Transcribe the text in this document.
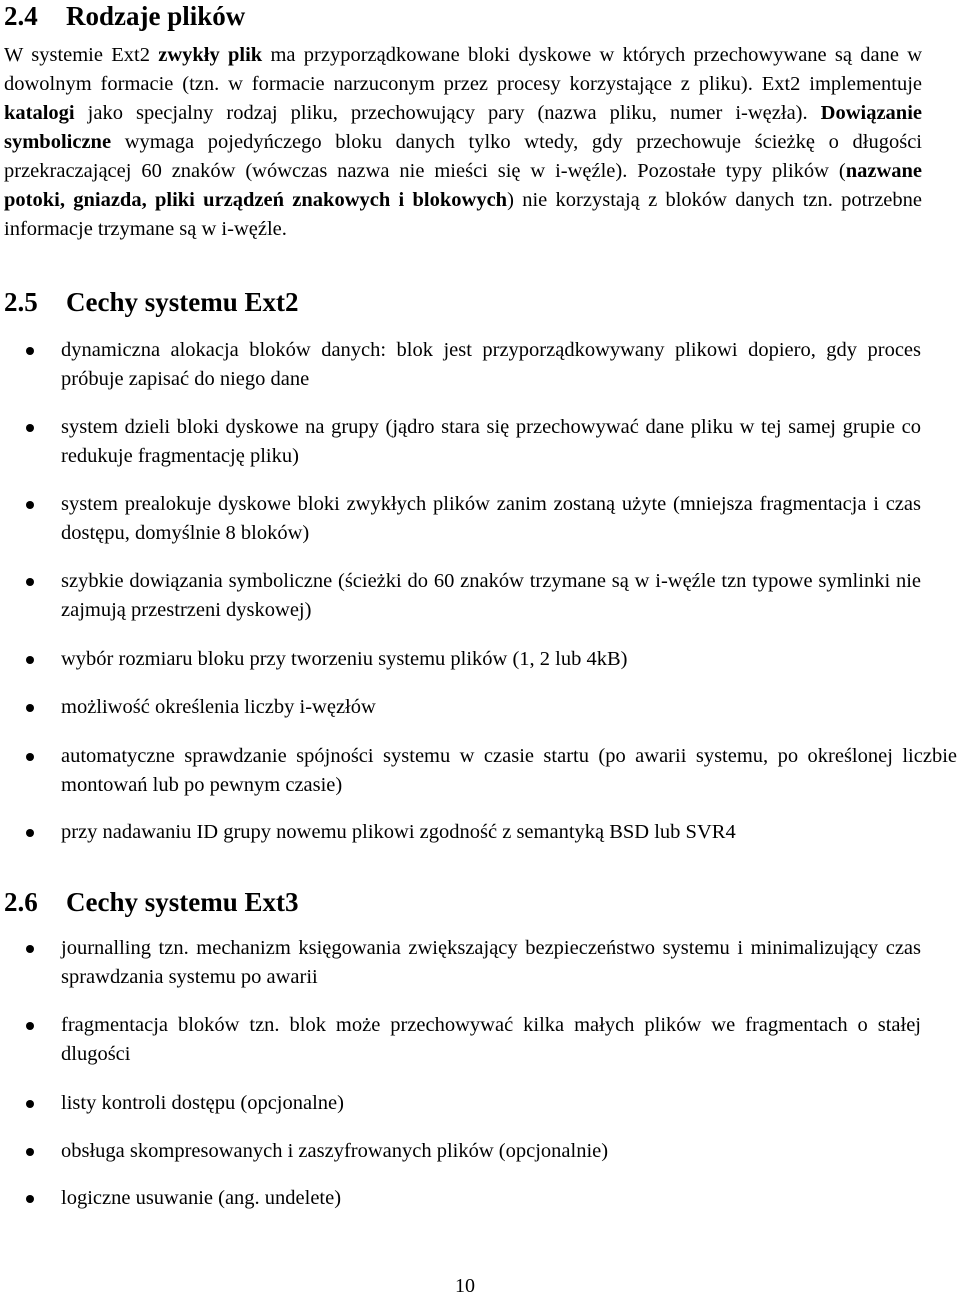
2.4 Rodzaje plików

W systemie Ext2 zwykły plik ma przyporządkowane bloki dyskowe w których przechowywane są dane w dowolnym formacie (tzn. w formacie narzuconym przez procesy korzystające z pliku). Ext2 implementuje katalogi jako specjalny rodzaj pliku, przechowujący pary (nazwa pliku, numer i-węzła). Dowiązanie symboliczne wymaga pojedyńczego bloku danych tylko wtedy, gdy przechowuje ścieżkę o długości przekraczającej 60 znaków (wówczas nazwa nie mieści się w i-węźle). Pozostałe typy plików (nazwane potoki, gniazda, pliki urządzeń znakowych i blokowych) nie korzystają z bloków danych tzn. potrzebne informacje trzymane są w i-węźle.

2.5 Cechy systemu Ext2
dynamiczna alokacja bloków danych: blok jest przyporządkowywany plikowi dopiero, gdy proces próbuje zapisać do niego dane
system dzieli bloki dyskowe na grupy (jądro stara się przechowywać dane pliku w tej samej grupie co redukuje fragmentację pliku)
system prealokuje dyskowe bloki zwykłych plików zanim zostaną użyte (mniejsza fragmentacja i czas dostępu, domyślnie 8 bloków)
szybkie dowiązania symboliczne (ścieżki do 60 znaków trzymane są w i-węźle tzn typowe symlinki nie zajmują przestrzeni dyskowej)
wybór rozmiaru bloku przy tworzeniu systemu plików (1, 2 lub 4kB)
możliwość określenia liczby i-węzłów
automatyczne sprawdzanie spójności systemu w czasie startu (po awarii systemu, po określonej liczbie montowań lub po pewnym czasie)
przy nadawaniu ID grupy nowemu plikowi zgodność z semantyką BSD lub SVR4
2.6 Cechy systemu Ext3
journalling tzn. mechanizm księgowania zwiększający bezpieczeństwo systemu i minimalizujący czas sprawdzania systemu po awarii
fragmentacja bloków tzn. blok może przechowywać kilka małych plików we fragmentach o stałej dlugości
listy kontroli dostępu (opcjonalne)
obsługa skompresowanych i zaszyfrowanych plików (opcjonalnie)
logiczne usuwanie (ang. undelete)
10
